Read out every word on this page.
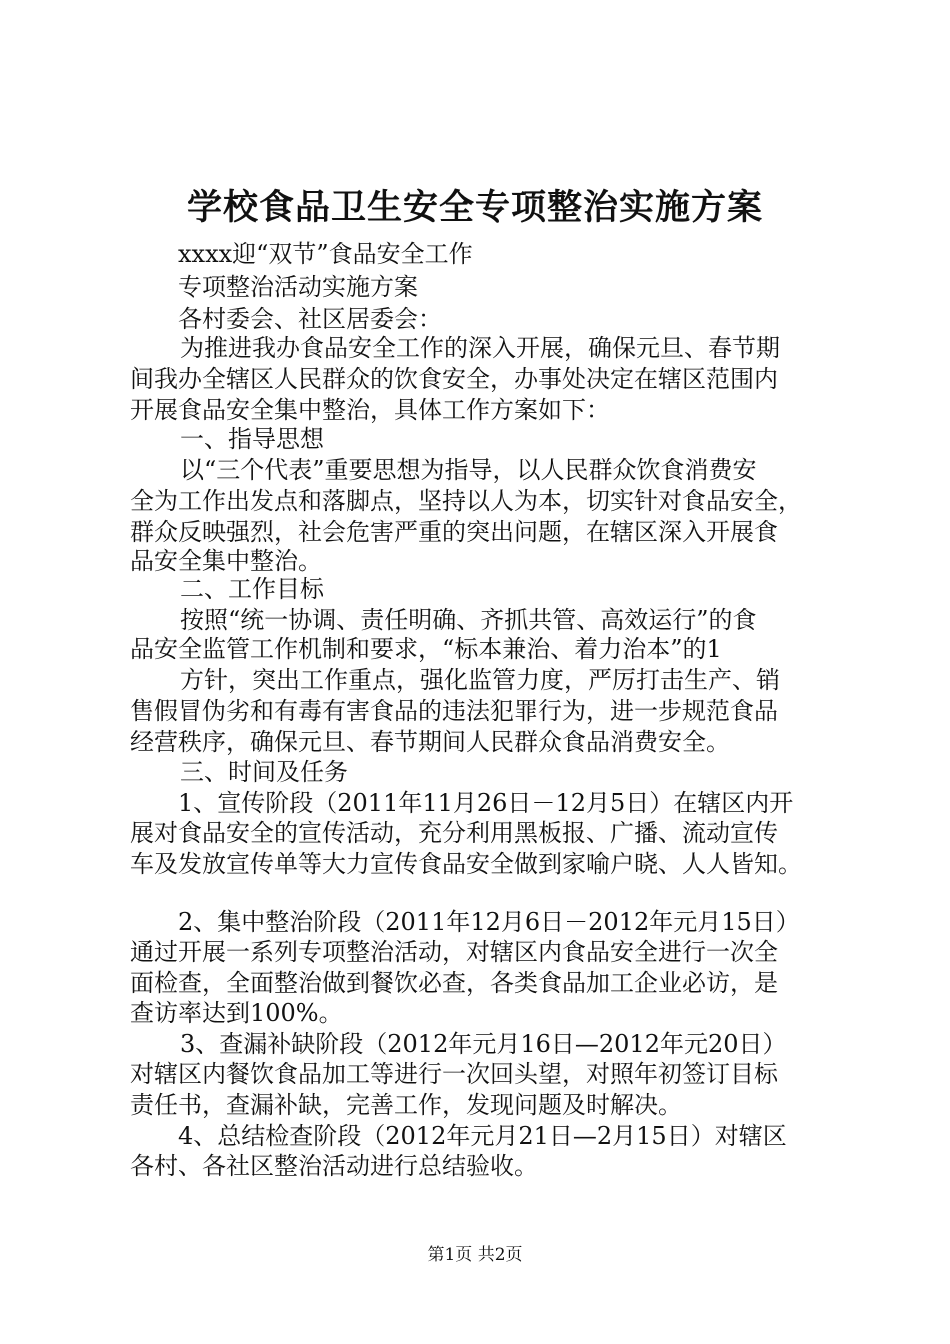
学校食品卫生安全专项整治实施方案
xxxx迎“双节”食品安全工作
专项整治活动实施方案
各村委会、社区居委会：
为推进我办食品安全工作的深入开展，确保元旦、春节期
间我办全辖区人民群众的饮食安全，办事处决定在辖区范围内
开展食品安全集中整治，具体工作方案如下：
一、指导思想
以“三个代表”重要思想为指导，以人民群众饮食消费安
全为工作出发点和落脚点，坚持以人为本，切实针对食品安全，
群众反映强烈，社会危害严重的突出问题，在辖区深入开展食
品安全集中整治。
二、工作目标
按照“统一协调、责任明确、齐抓共管、高效运行”的食
品安全监管工作机制和要求，“标本兼治、着力治本”的1
方针，突出工作重点，强化监管力度，严厉打击生产、销
售假冒伪劣和有毒有害食品的违法犯罪行为，进一步规范食品
经营秩序，确保元旦、春节期间人民群众食品消费安全。
三、时间及任务
1、宣传阶段（2011年11月26日－12月5日）在辖区内开
展对食品安全的宣传活动，充分利用黑板报、广播、流动宣传
车及发放宣传单等大力宣传食品安全做到家喻户晓、人人皆知。
2、集中整治阶段（2011年12月6日－2012年元月15日）
通过开展一系列专项整治活动，对辖区内食品安全进行一次全
面检查，全面整治做到餐饮必查，各类食品加工企业必访，是
查访率达到100%。
3、查漏补缺阶段（2012年元月16日—2012年元20日）
对辖区内餐饮食品加工等进行一次回头望，对照年初签订目标
责任书，查漏补缺，完善工作，发现问题及时解决。
4、总结检查阶段（2012年元月21日—2月15日）对辖区
各村、各社区整治活动进行总结验收。
第1页 共2页
